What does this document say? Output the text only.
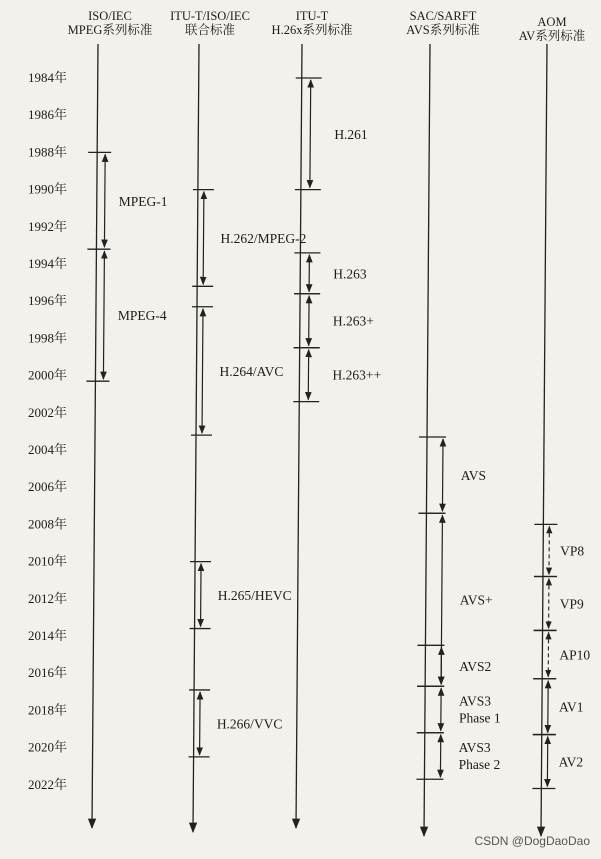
1984年
1986年
1988年
1990年
1992年
1994年
1996年
1998年
2000年
2002年
2004年
2006年
2008年
2010年
2012年
2014年
2016年
2018年
2020年
2022年
ISO/IEC
MPEG系列标准
ITU-T/ISO/IEC
联合标准
ITU-T
H.26x系列标准
SAC/SARFT
AVS系列标准
AOM
AV系列标准
MPEG-1
MPEG-4
H.262/MPEG-2
H.264/AVC
H.265/HEVC
H.266/VVC
H.261
H.263
H.263+
H.263++
AVS
AVS+
AVS2
AVS3
Phase 1
AVS3
Phase 2
VP8
VP9
AP10
AV1
AV2
CSDN @DogDaoDao
